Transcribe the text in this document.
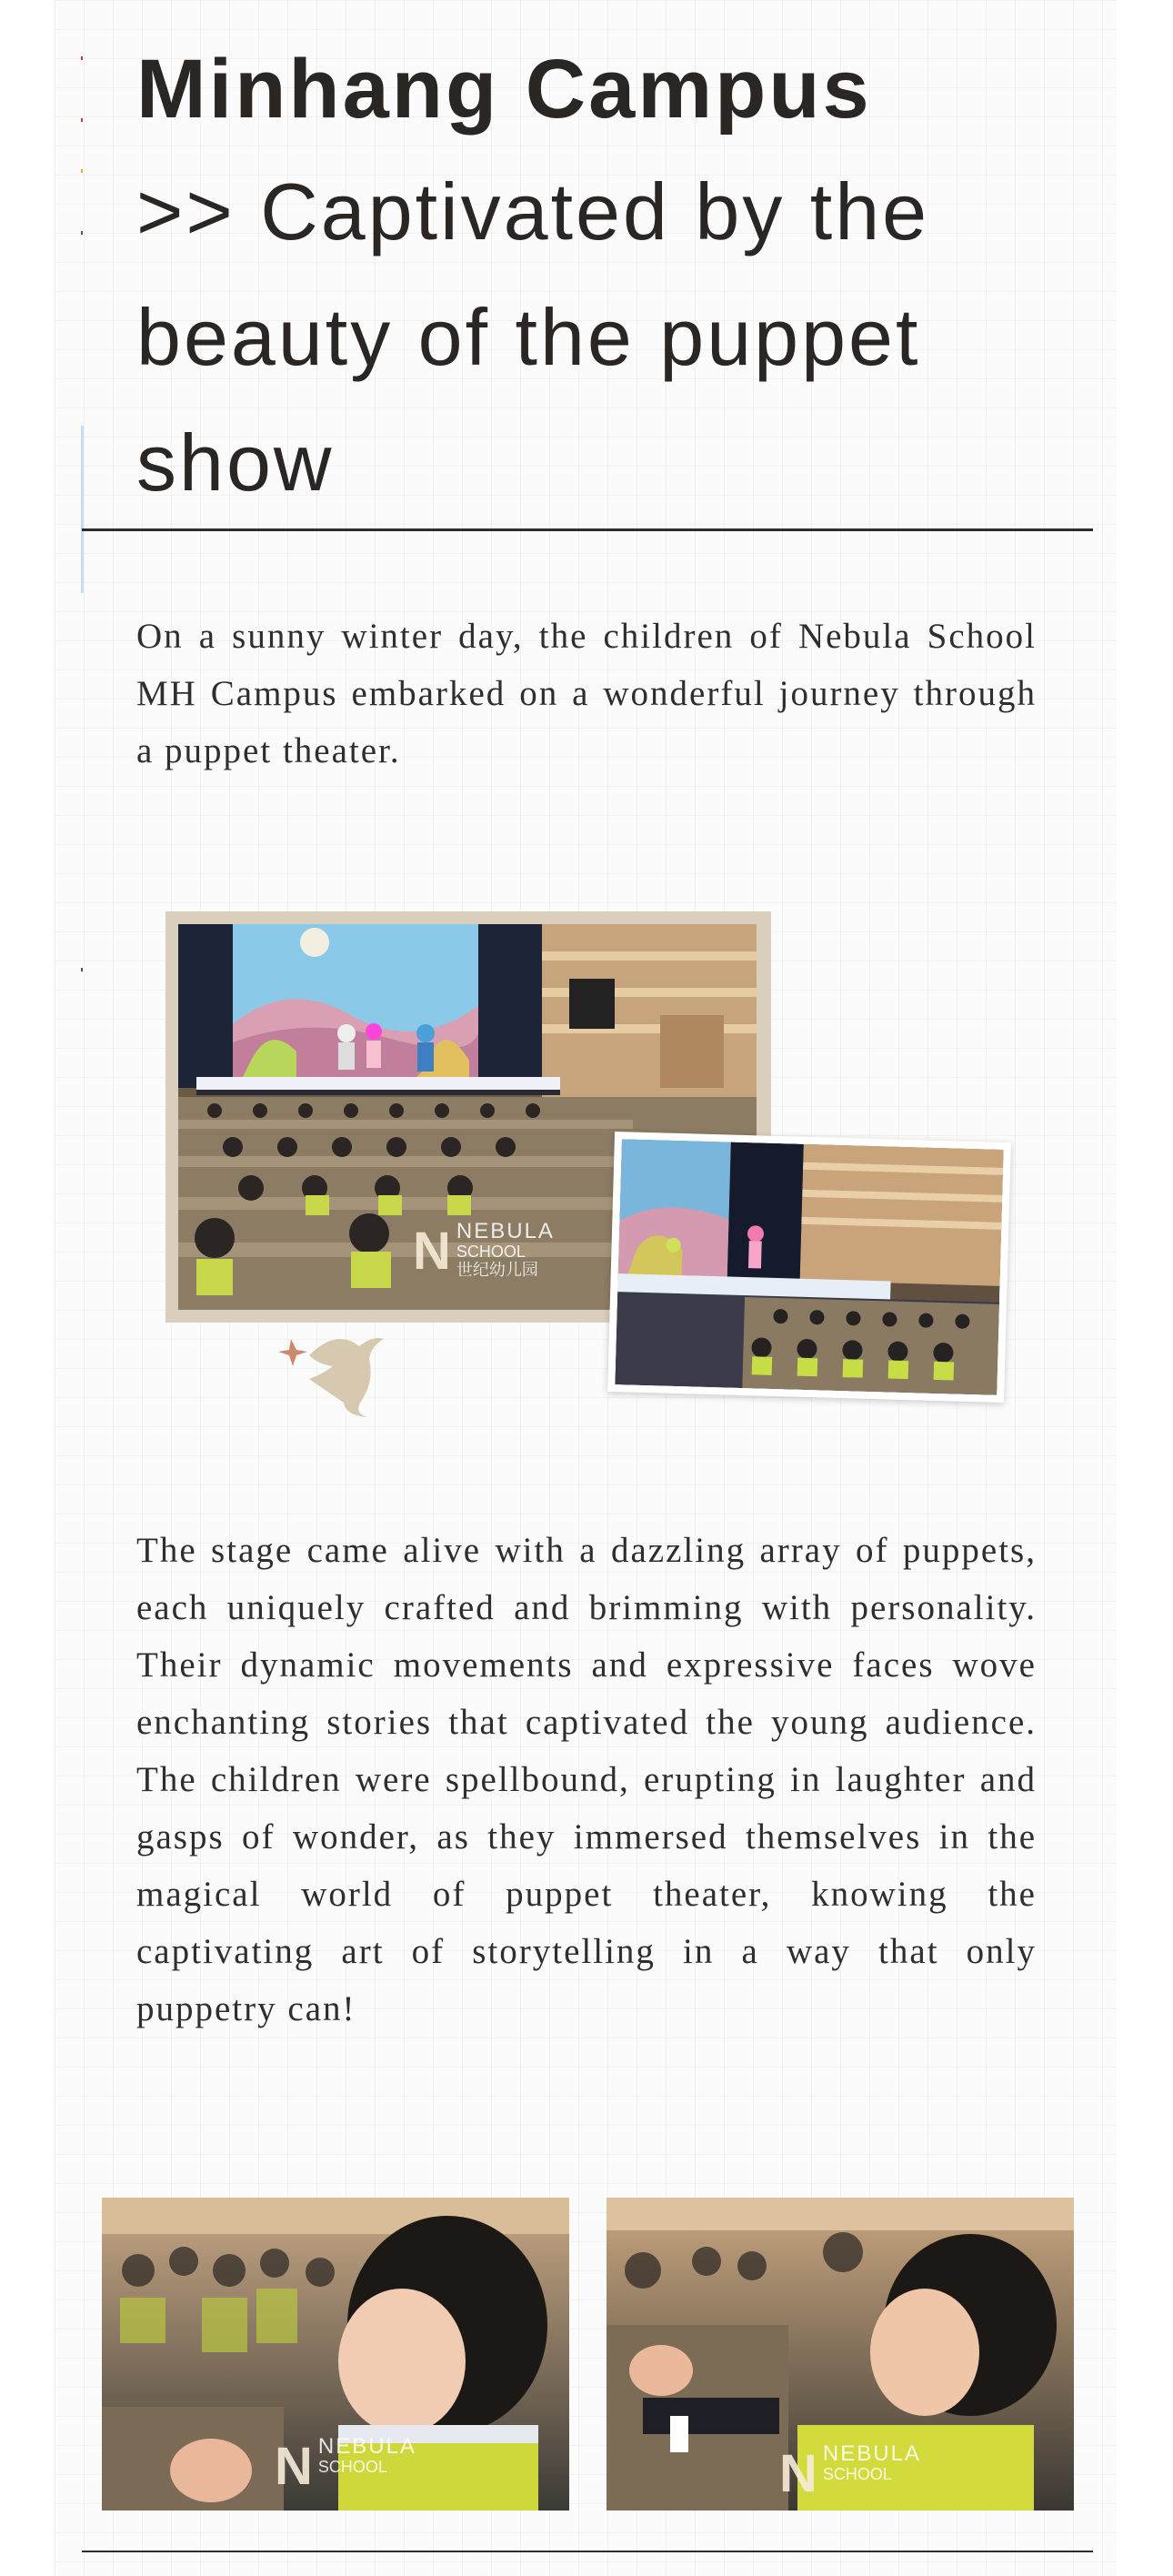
Minhang Campus
>> Captivated by the beauty of the puppet show

On a sunny winter day, the children of Nebula School MH Campus embarked on a wonderful journey through a puppet theater.

N NEBULA
SCHOOL
世纪幼儿园

The stage came alive with a dazzling array of puppets, each uniquely crafted and brimming with personality. Their dynamic movements and expressive faces wove enchanting stories that captivated the young audience. The children were spellbound, erupting in laughter and gasps of wonder, as they immersed themselves in the magical world of puppet theater, knowing the captivating art of storytelling in a way that only puppetry can!

N NEBULA
SCHOOL	N NEBULA
SCHOOL
